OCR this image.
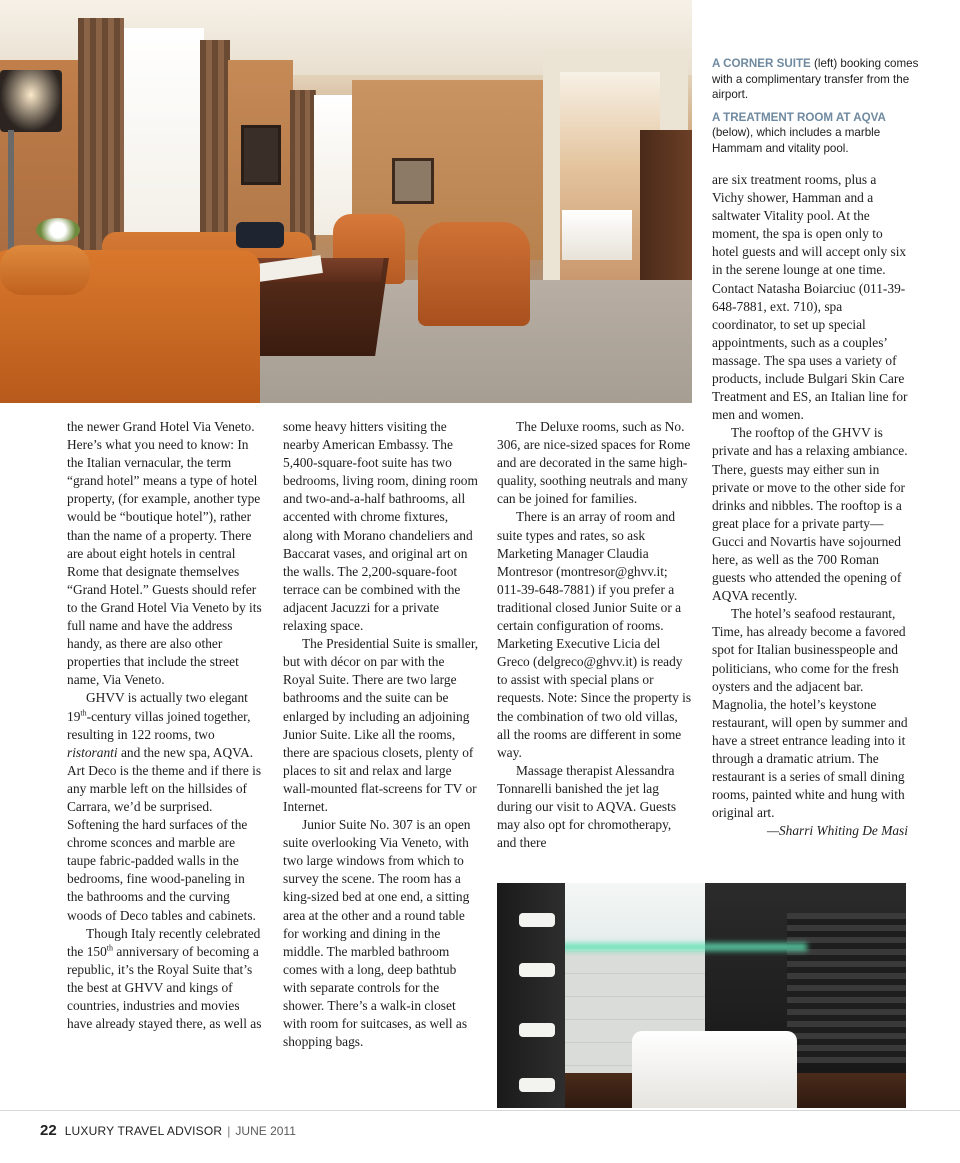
A CORNER SUITE (left) booking comes with a complimentary transfer from the airport.

A TREATMENT ROOM AT AQVA (below), which includes a marble Hammam and vitality pool.

the newer Grand Hotel Via Veneto. Here’s what you need to know: In the Italian vernacular, the term “grand hotel” means a type of hotel property, (for example, another type would be “boutique hotel”), rather than the name of a property. There are about eight hotels in central Rome that designate themselves “Grand Hotel.” Guests should refer to the Grand Hotel Via Veneto by its full name and have the address handy, as there are also other properties that include the street name, Via Veneto.

GHVV is actually two elegant 19th-century villas joined together, resulting in 122 rooms, two ristoranti and the new spa, AQVA. Art Deco is the theme and if there is any marble left on the hillsides of Carrara, we’d be surprised. Softening the hard surfaces of the chrome sconces and marble are taupe fabric-padded walls in the bedrooms, fine wood-paneling in the bathrooms and the curving woods of Deco tables and cabinets.

Though Italy recently celebrated the 150th anniversary of becoming a republic, it’s the Royal Suite that’s the best at GHVV and kings of countries, industries and movies have already stayed there, as well as

some heavy hitters visiting the nearby American Embassy. The 5,400-square-foot suite has two bedrooms, living room, dining room and two-and-a-half bathrooms, all accented with chrome fixtures, along with Morano chandeliers and Baccarat vases, and original art on the walls. The 2,200-square-foot terrace can be combined with the adjacent Jacuzzi for a private relaxing space.

The Presidential Suite is smaller, but with décor on par with the Royal Suite. There are two large bathrooms and the suite can be enlarged by including an adjoining Junior Suite. Like all the rooms, there are spacious closets, plenty of places to sit and relax and large wall-mounted flat-screens for TV or Internet.

Junior Suite No. 307 is an open suite overlooking Via Veneto, with two large windows from which to survey the scene. The room has a king-sized bed at one end, a sitting area at the other and a round table for working and dining in the middle. The marbled bathroom comes with a long, deep bathtub with separate controls for the shower. There’s a walk-in closet with room for suitcases, as well as shopping bags.

The Deluxe rooms, such as No. 306, are nice-sized spaces for Rome and are decorated in the same high-quality, soothing neutrals and many can be joined for families.

There is an array of room and suite types and rates, so ask Marketing Manager Claudia Montresor (montresor@ghvv.it; 011-39-648-7881) if you prefer a traditional closed Junior Suite or a certain configuration of rooms. Marketing Executive Licia del Greco (delgreco@ghvv.it) is ready to assist with special plans or requests. Note: Since the property is the combination of two old villas, all the rooms are different in some way.

Massage therapist Alessandra Tonnarelli banished the jet lag during our visit to AQVA. Guests may also opt for chromotherapy, and there

are six treatment rooms, plus a Vichy shower, Hamman and a saltwater Vitality pool. At the moment, the spa is open only to hotel guests and will accept only six in the serene lounge at one time. Contact Natasha Boiarciuc (011-39-648-7881, ext. 710), spa coordinator, to set up special appointments, such as a couples’ massage. The spa uses a variety of products, include Bulgari Skin Care Treatment and ES, an Italian line for men and women.

The rooftop of the GHVV is private and has a relaxing ambiance. There, guests may either sun in private or move to the other side for drinks and nibbles. The rooftop is a great place for a private party—Gucci and Novartis have sojourned here, as well as the 700 Roman guests who attended the opening of AQVA recently.

The hotel’s seafood restaurant, Time, has already become a favored spot for Italian businesspeople and politicians, who come for the fresh oysters and the adjacent bar. Magnolia, the hotel’s keystone restaurant, will open by summer and have a street entrance leading into it through a dramatic atrium. The restaurant is a series of small dining rooms, painted white and hung with original art.

—Sharri Whiting De Masi

22 LUXURY TRAVEL ADVISOR | JUNE 2011
